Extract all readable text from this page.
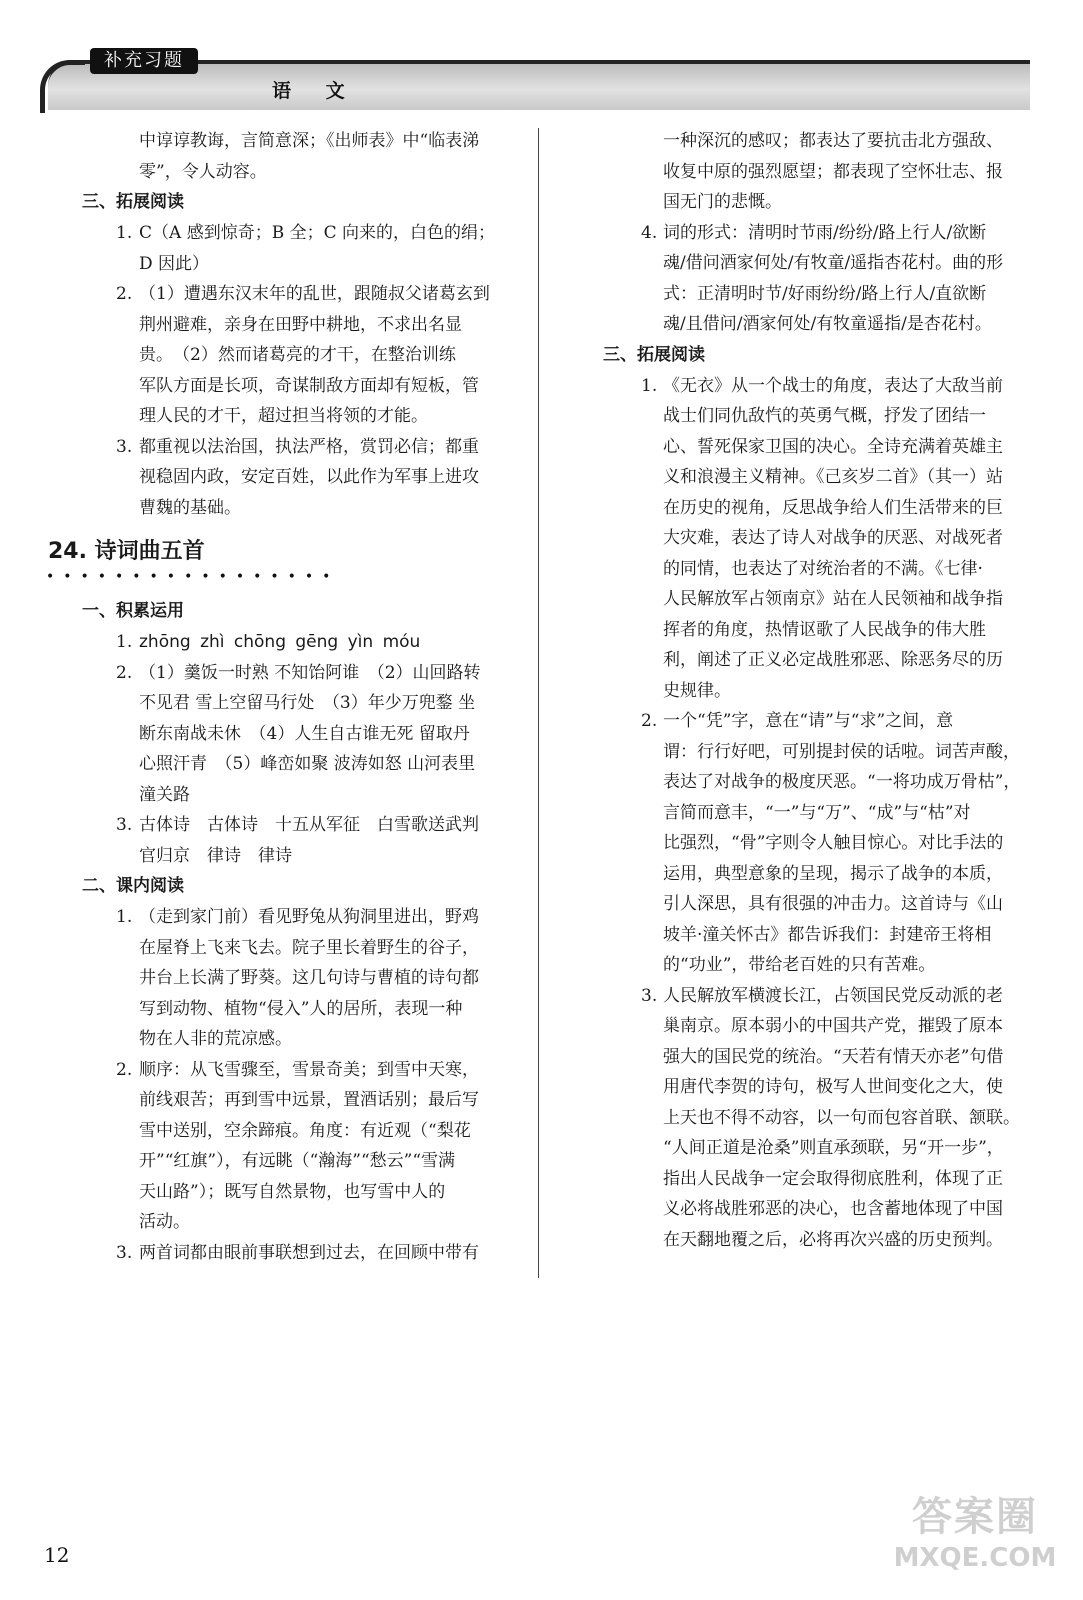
补充习题
语 文

中谆谆教诲，言简意深；《出师表》中“临表涕

零”，令人动容。

三、拓展阅读
1. C（A 感到惊奇；B 全；C 向来的，白色的绢；

D 因此）

2. （1）遭遇东汉末年的乱世，跟随叔父诸葛玄到

荆州避难，亲身在田野中耕地，不求出名显

贵。　（2）然而诸葛亮的才干，在整治训练

军队方面是长项，奇谋制敌方面却有短板，管

理人民的才干，超过担当将领的才能。

3. 都重视以法治国，执法严格，赏罚必信；都重

视稳固内政，安定百姓，以此作为军事上进攻

曹魏的基础。

24. 诗词曲五首
•••••••••••••••••
一、积累运用
1. zhōng zhì chōng gēng yìn móu

2. （1）羹饭一时熟 不知饴阿谁　（2）山回路转

不见君 雪上空留马行处　（3）年少万兜鍪 坐

断东南战未休　（4）人生自古谁无死 留取丹

心照汗青　（5）峰峦如聚 波涛如怒 山河表里

潼关路

3. 古体诗　古体诗　十五从军征　白雪歌送武判

官归京　律诗　律诗

二、课内阅读
1. （走到家门前）看见野兔从狗洞里进出，野鸡

在屋脊上飞来飞去。院子里长着野生的谷子，

井台上长满了野葵。这几句诗与曹植的诗句都

写到动物、植物“侵入”人的居所，表现一种

物在人非的荒凉感。

2. 顺序：从飞雪骤至，雪景奇美；到雪中天寒，

前线艰苦；再到雪中远景，置酒话别；最后写

雪中送别，空余蹄痕。角度：有近观（“梨花

开”“红旗”），有远眺（“瀚海”“愁云”“雪满

天山路”）；既写自然景物，也写雪中人的

活动。

3. 两首词都由眼前事联想到过去，在回顾中带有

一种深沉的感叹；都表达了要抗击北方强敌、

收复中原的强烈愿望；都表现了空怀壮志、报

国无门的悲慨。

4. 词的形式：清明时节雨/纷纷/路上行人/欲断

魂/借问酒家何处/有牧童/遥指杏花村。曲的形

式：正清明时节/好雨纷纷/路上行人/直欲断

魂/且借问/酒家何处/有牧童遥指/是杏花村。

三、拓展阅读
1. 《无衣》从一个战士的角度，表达了大敌当前

战士们同仇敌忾的英勇气概，抒发了团结一

心、誓死保家卫国的决心。全诗充满着英雄主

义和浪漫主义精神。《己亥岁二首》（其一）站

在历史的视角，反思战争给人们生活带来的巨

大灾难，表达了诗人对战争的厌恶、对战死者

的同情，也表达了对统治者的不满。《七律·

人民解放军占领南京》站在人民领袖和战争指

挥者的角度，热情讴歌了人民战争的伟大胜

利，阐述了正义必定战胜邪恶、除恶务尽的历

史规律。

2. 一个“凭”字，意在“请”与“求”之间，意

谓：行行好吧，可别提封侯的话啦。词苦声酸，

表达了对战争的极度厌恶。“一将功成万骨枯”，

言简而意丰，“一”与“万”、“成”与“枯”对

比强烈，“骨”字则令人触目惊心。对比手法的

运用，典型意象的呈现，揭示了战争的本质，

引人深思，具有很强的冲击力。这首诗与《山

坡羊·潼关怀古》都告诉我们：封建帝王将相

的“功业”，带给老百姓的只有苦难。

3. 人民解放军横渡长江，占领国民党反动派的老

巢南京。原本弱小的中国共产党，摧毁了原本

强大的国民党的统治。“天若有情天亦老”句借

用唐代李贺的诗句，极写人世间变化之大，使

上天也不得不动容，以一句而包容首联、颔联。

“人间正道是沧桑”则直承颈联，另“开一步”，

指出人民战争一定会取得彻底胜利，体现了正

义必将战胜邪恶的决心，也含蓄地体现了中国

在天翻地覆之后，必将再次兴盛的历史预判。

12
答案圈
MXQE.COM
